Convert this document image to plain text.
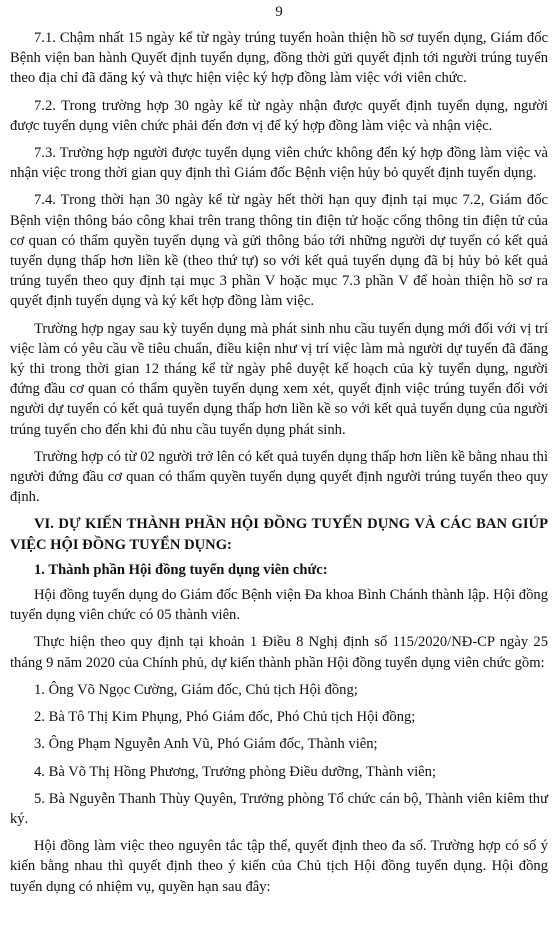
9

7.1. Chậm nhất 15 ngày kể từ ngày trúng tuyển hoàn thiện hồ sơ tuyển dụng, Giám đốc Bệnh viện ban hành Quyết định tuyển dụng, đồng thời gửi quyết định tới người trúng tuyển theo địa chỉ đã đăng ký và thực hiện việc ký hợp đồng làm việc với viên chức.

7.2. Trong trường hợp 30 ngày kể từ ngày nhận được quyết định tuyển dụng, người được tuyển dụng viên chức phải đến đơn vị để ký hợp đồng làm việc và nhận việc.

7.3. Trường hợp người được tuyển dụng viên chức không đến ký hợp đồng làm việc và nhận việc trong thời gian quy định thì Giám đốc Bệnh viện hủy bỏ quyết định tuyển dụng.

7.4. Trong thời hạn 30 ngày kể từ ngày hết thời hạn quy định tại mục 7.2, Giám đốc Bệnh viện thông báo công khai trên trang thông tin điện tử hoặc cổng thông tin điện tử của cơ quan có thẩm quyền tuyển dụng và gửi thông báo tới những người dự tuyển có kết quả tuyển dụng thấp hơn liền kề (theo thứ tự) so với kết quả tuyển dụng đã bị hủy bỏ kết quả trúng tuyển theo quy định tại mục 3 phần V hoặc mục 7.3 phần V để hoàn thiện hồ sơ ra quyết định tuyển dụng và ký kết hợp đồng làm việc.

Trường hợp ngay sau kỳ tuyển dụng mà phát sinh nhu cầu tuyển dụng mới đối với vị trí việc làm có yêu cầu về tiêu chuẩn, điều kiện như vị trí việc làm mà người dự tuyển đã đăng ký thi trong thời gian 12 tháng kể từ ngày phê duyệt kế hoạch của kỳ tuyển dụng, người đứng đầu cơ quan có thẩm quyền tuyển dụng xem xét, quyết định việc trúng tuyển đối với người dự tuyển có kết quả tuyển dụng thấp hơn liền kề so với kết quả tuyển dụng của người trúng tuyển cho đến khi đủ nhu cầu tuyển dụng phát sinh.

Trường hợp có từ 02 người trở lên có kết quả tuyển dụng thấp hơn liền kề bằng nhau thì người đứng đầu cơ quan có thẩm quyền tuyển dụng quyết định người trúng tuyển theo quy định.

VI. DỰ KIẾN THÀNH PHẦN HỘI ĐỒNG TUYỂN DỤNG VÀ CÁC BAN GIÚP VIỆC HỘI ĐỒNG TUYỂN DỤNG:
1. Thành phần Hội đồng tuyển dụng viên chức:

Hội đồng tuyển dụng do Giám đốc Bệnh viện Đa khoa Bình Chánh thành lập. Hội đồng tuyển dụng viên chức có 05 thành viên.

Thực hiện theo quy định tại khoản 1 Điều 8 Nghị định số 115/2020/NĐ-CP ngày 25 tháng 9 năm 2020 của Chính phủ, dự kiến thành phần Hội đồng tuyển dụng viên chức gồm:

1. Ông Võ Ngọc Cường, Giám đốc, Chủ tịch Hội đồng;

2. Bà Tô Thị Kim Phụng, Phó Giám đốc, Phó Chủ tịch Hội đồng;

3. Ông Phạm Nguyễn Anh Vũ, Phó Giám đốc, Thành viên;

4. Bà Võ Thị Hồng Phương, Trưởng phòng Điều dưỡng, Thành viên;

5. Bà Nguyễn Thanh Thùy Quyên, Trưởng phòng Tổ chức cán bộ, Thành viên kiêm thư ký.

Hội đồng làm việc theo nguyên tắc tập thể, quyết định theo đa số. Trường hợp có số ý kiến bằng nhau thì quyết định theo ý kiến của Chủ tịch Hội đồng tuyển dụng. Hội đồng tuyển dụng có nhiệm vụ, quyền hạn sau đây:
